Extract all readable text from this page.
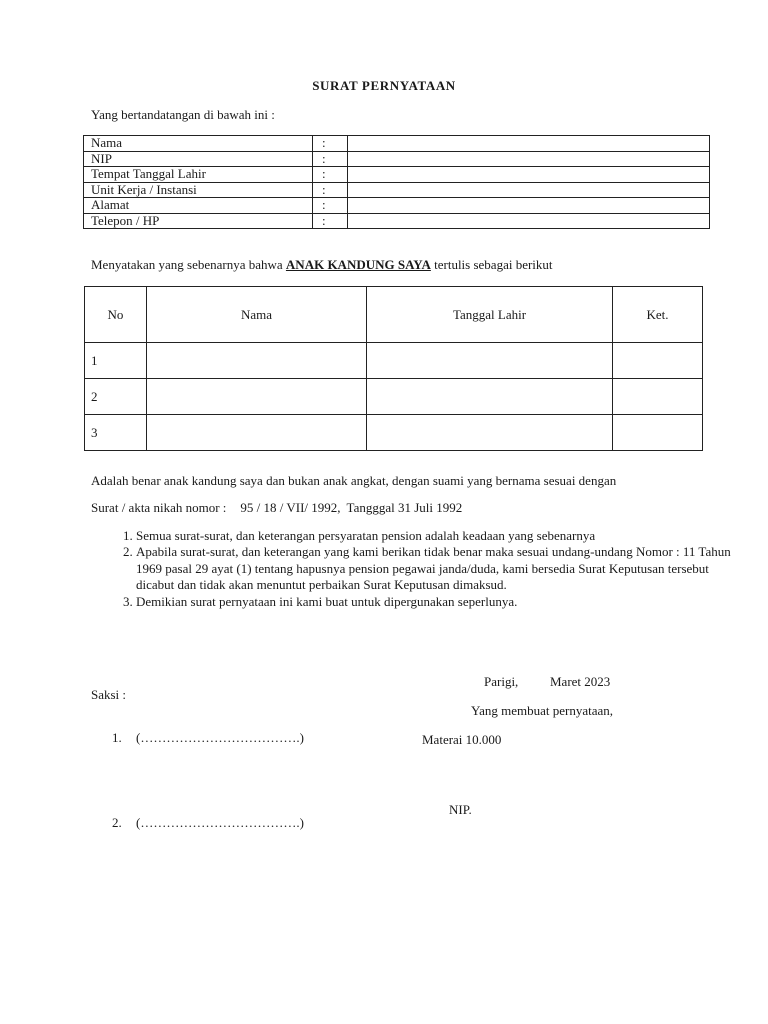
SURAT PERNYATAAN
Yang bertandatangan di bawah ini :
Nama	:	
NIP	:	
Tempat Tanggal Lahir	:	
Unit Kerja / Instansi	:	
Alamat	:	
Telepon / HP	:	
Menyatakan yang sebenarnya bahwa ANAK KANDUNG SAYA tertulis sebagai berikut
No	Nama	Tanggal Lahir	Ket.
1			
2			
3			
Adalah benar anak kandung saya dan bukan anak angkat, dengan suami yang bernama sesuai dengan
Surat / akta nikah nomor : 95 / 18 / VII/ 1992, Tangggal 31 Juli 1992
1. Semua surat-surat, dan keterangan persyaratan pension adalah keadaan yang sebenarnya
2. Apabila surat-surat, dan keterangan yang kami berikan tidak benar maka sesuai undang-undang Nomor : 11 Tahun 1969 pasal 29 ayat (1) tentang hapusnya pension pegawai janda/duda, kami bersedia Surat Keputusan tersebut dicabut dan tidak akan menuntut perbaikan Surat Keputusan dimaksud.
3. Demikian surat pernyataan ini kami buat untuk dipergunakan seperlunya.
Parigi, Maret 2023
Saksi :
Yang membuat pernyataan,
1. (……………………………….)	Materai 10.000
NIP.
2. (……………………………….)
